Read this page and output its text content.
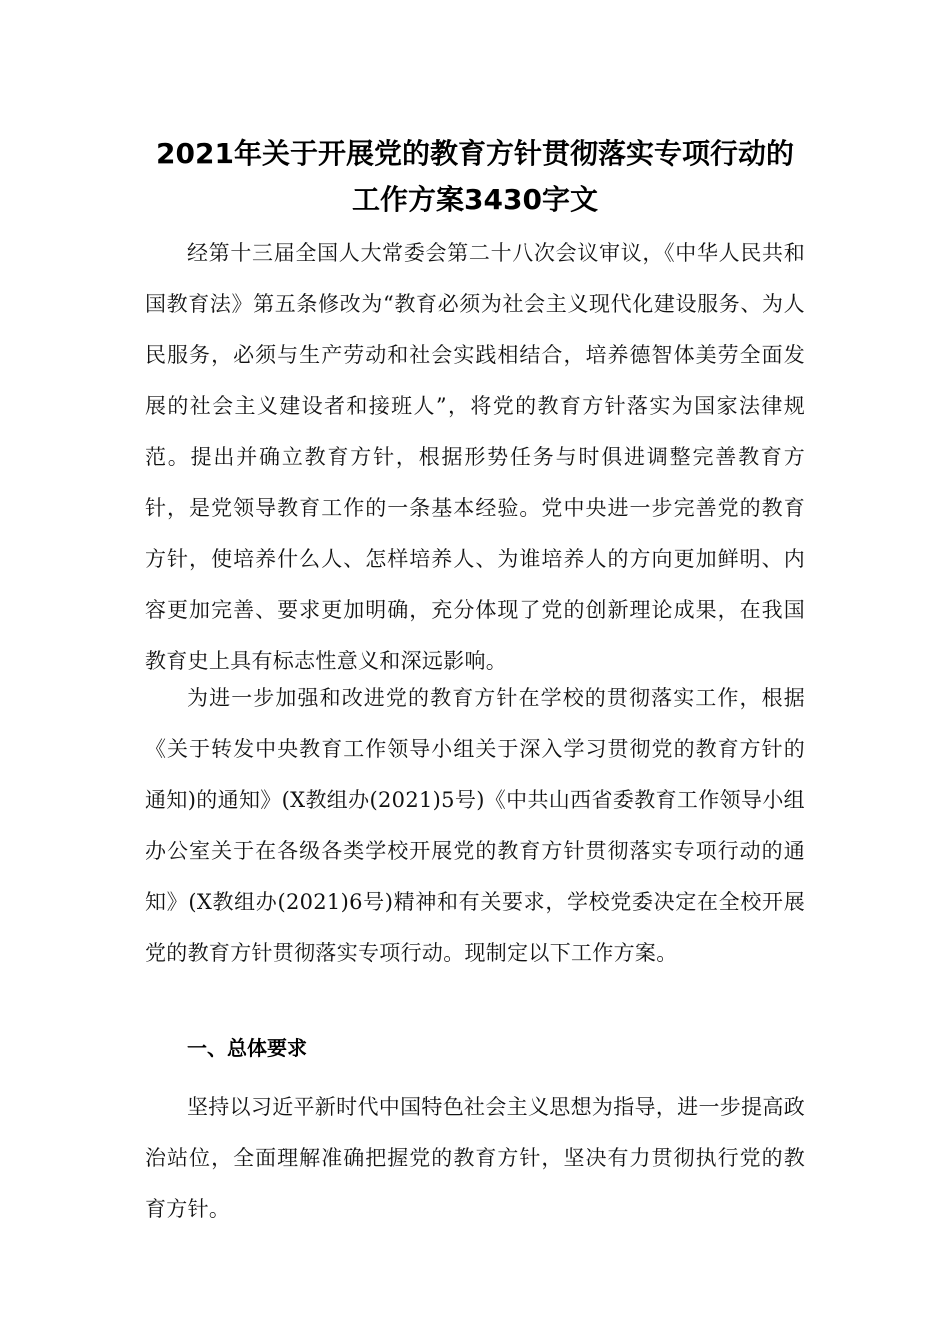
2021年关于开展党的教育方针贯彻落实专项行动的
工作方案3430字文
经第十三届全国人大常委会第二十八次会议审议，《中华人民共和国教育法》第五条修改为“教育必须为社会主义现代化建设服务、为人民服务，必须与生产劳动和社会实践相结合，培养德智体美劳全面发展的社会主义建设者和接班人”，将党的教育方针落实为国家法律规范。提出并确立教育方针，根据形势任务与时俱进调整完善教育方针，是党领导教育工作的一条基本经验。党中央进一步完善党的教育方针，使培养什么人、怎样培养人、为谁培养人的方向更加鲜明、内容更加完善、要求更加明确，充分体现了党的创新理论成果，在我国教育史上具有标志性意义和深远影响。
为进一步加强和改进党的教育方针在学校的贯彻落实工作，根据《关于转发中央教育工作领导小组关于深入学习贯彻党的教育方针的通知)的通知》(X教组办(2021)5号)《中共山西省委教育工作领导小组办公室关于在各级各类学校开展党的教育方针贯彻落实专项行动的通知》(X教组办(2021)6号)精神和有关要求，学校党委决定在全校开展党的教育方针贯彻落实专项行动。现制定以下工作方案。
一、总体要求
坚持以习近平新时代中国特色社会主义思想为指导，进一步提高政治站位，全面理解准确把握党的教育方针，坚决有力贯彻执行党的教育方针。
